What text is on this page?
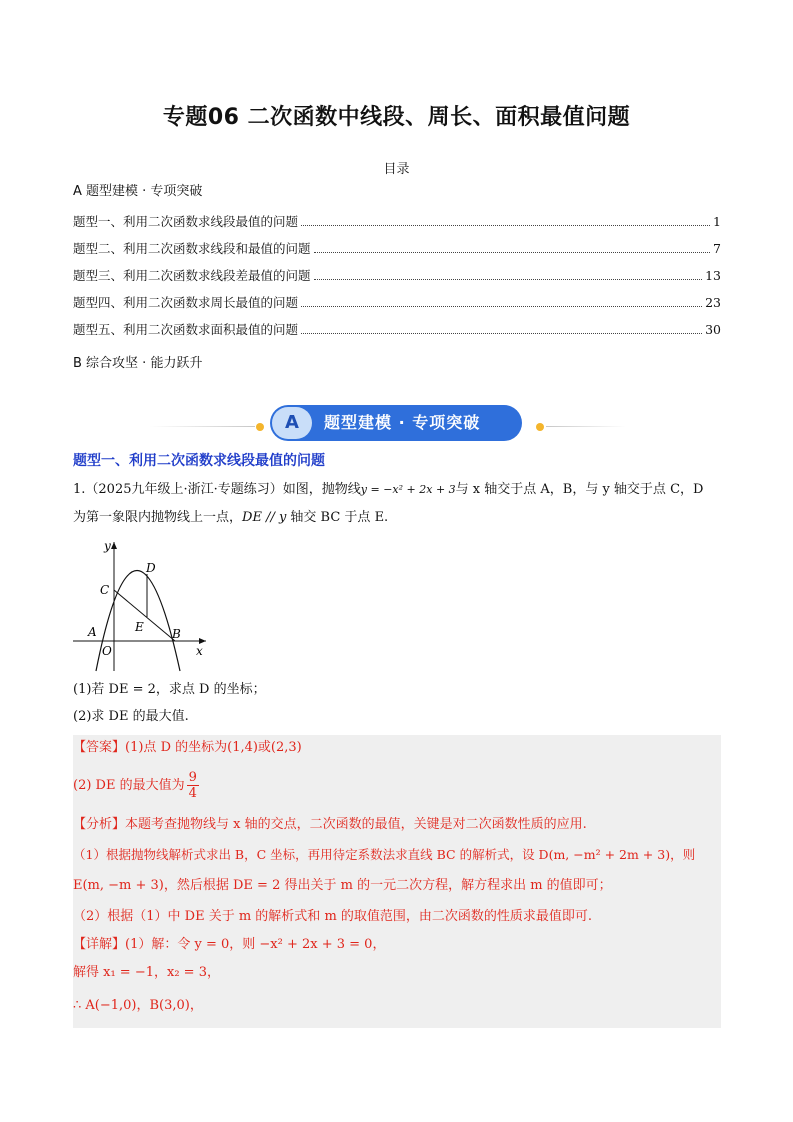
专题06 二次函数中线段、周长、面积最值问题
目录
A 题型建模 · 专项突破
题型一、利用二次函数求线段最值的问题	1
题型二、利用二次函数求线段和最值的问题	7
题型三、利用二次函数求线段差最值的问题	13
题型四、利用二次函数求周长最值的问题	23
题型五、利用二次函数求面积最值的问题	30
B 综合攻坚 · 能力跃升
A	题型建模 · 专项突破
题型一、利用二次函数求线段最值的问题
1.（2025九年级上·浙江·专题练习）如图，抛物线y = −x² + 2x + 3与 x 轴交于点 A，B，与 y 轴交于点 C，D
为第一象限内抛物线上一点，DE // y 轴交 BC 于点 E.
y
x
C
D
E
A
O
B
(1)若 DE = 2，求点 D 的坐标；
(2)求 DE 的最大值.
【答案】(1)点 D 的坐标为(1,4)或(2,3)
(2) DE 的最大值为 $\frac{9}{4}$
【分析】本题考查抛物线与 x 轴的交点，二次函数的最值，关键是对二次函数性质的应用.
（1）根据抛物线解析式求出 B，C 坐标，再用待定系数法求直线 BC 的解析式，设 D(m, −m² + 2m + 3)，则
E(m, −m + 3)，然后根据 DE = 2 得出关于 m 的一元二次方程，解方程求出 m 的值即可；
（2）根据（1）中 DE 关于 m 的解析式和 m 的取值范围，由二次函数的性质求最值即可.
【详解】(1）解：令 y = 0，则 −x² + 2x + 3 = 0，
解得 x₁ = −1，x₂ = 3，
∴ A(−1,0)，B(3,0)，
